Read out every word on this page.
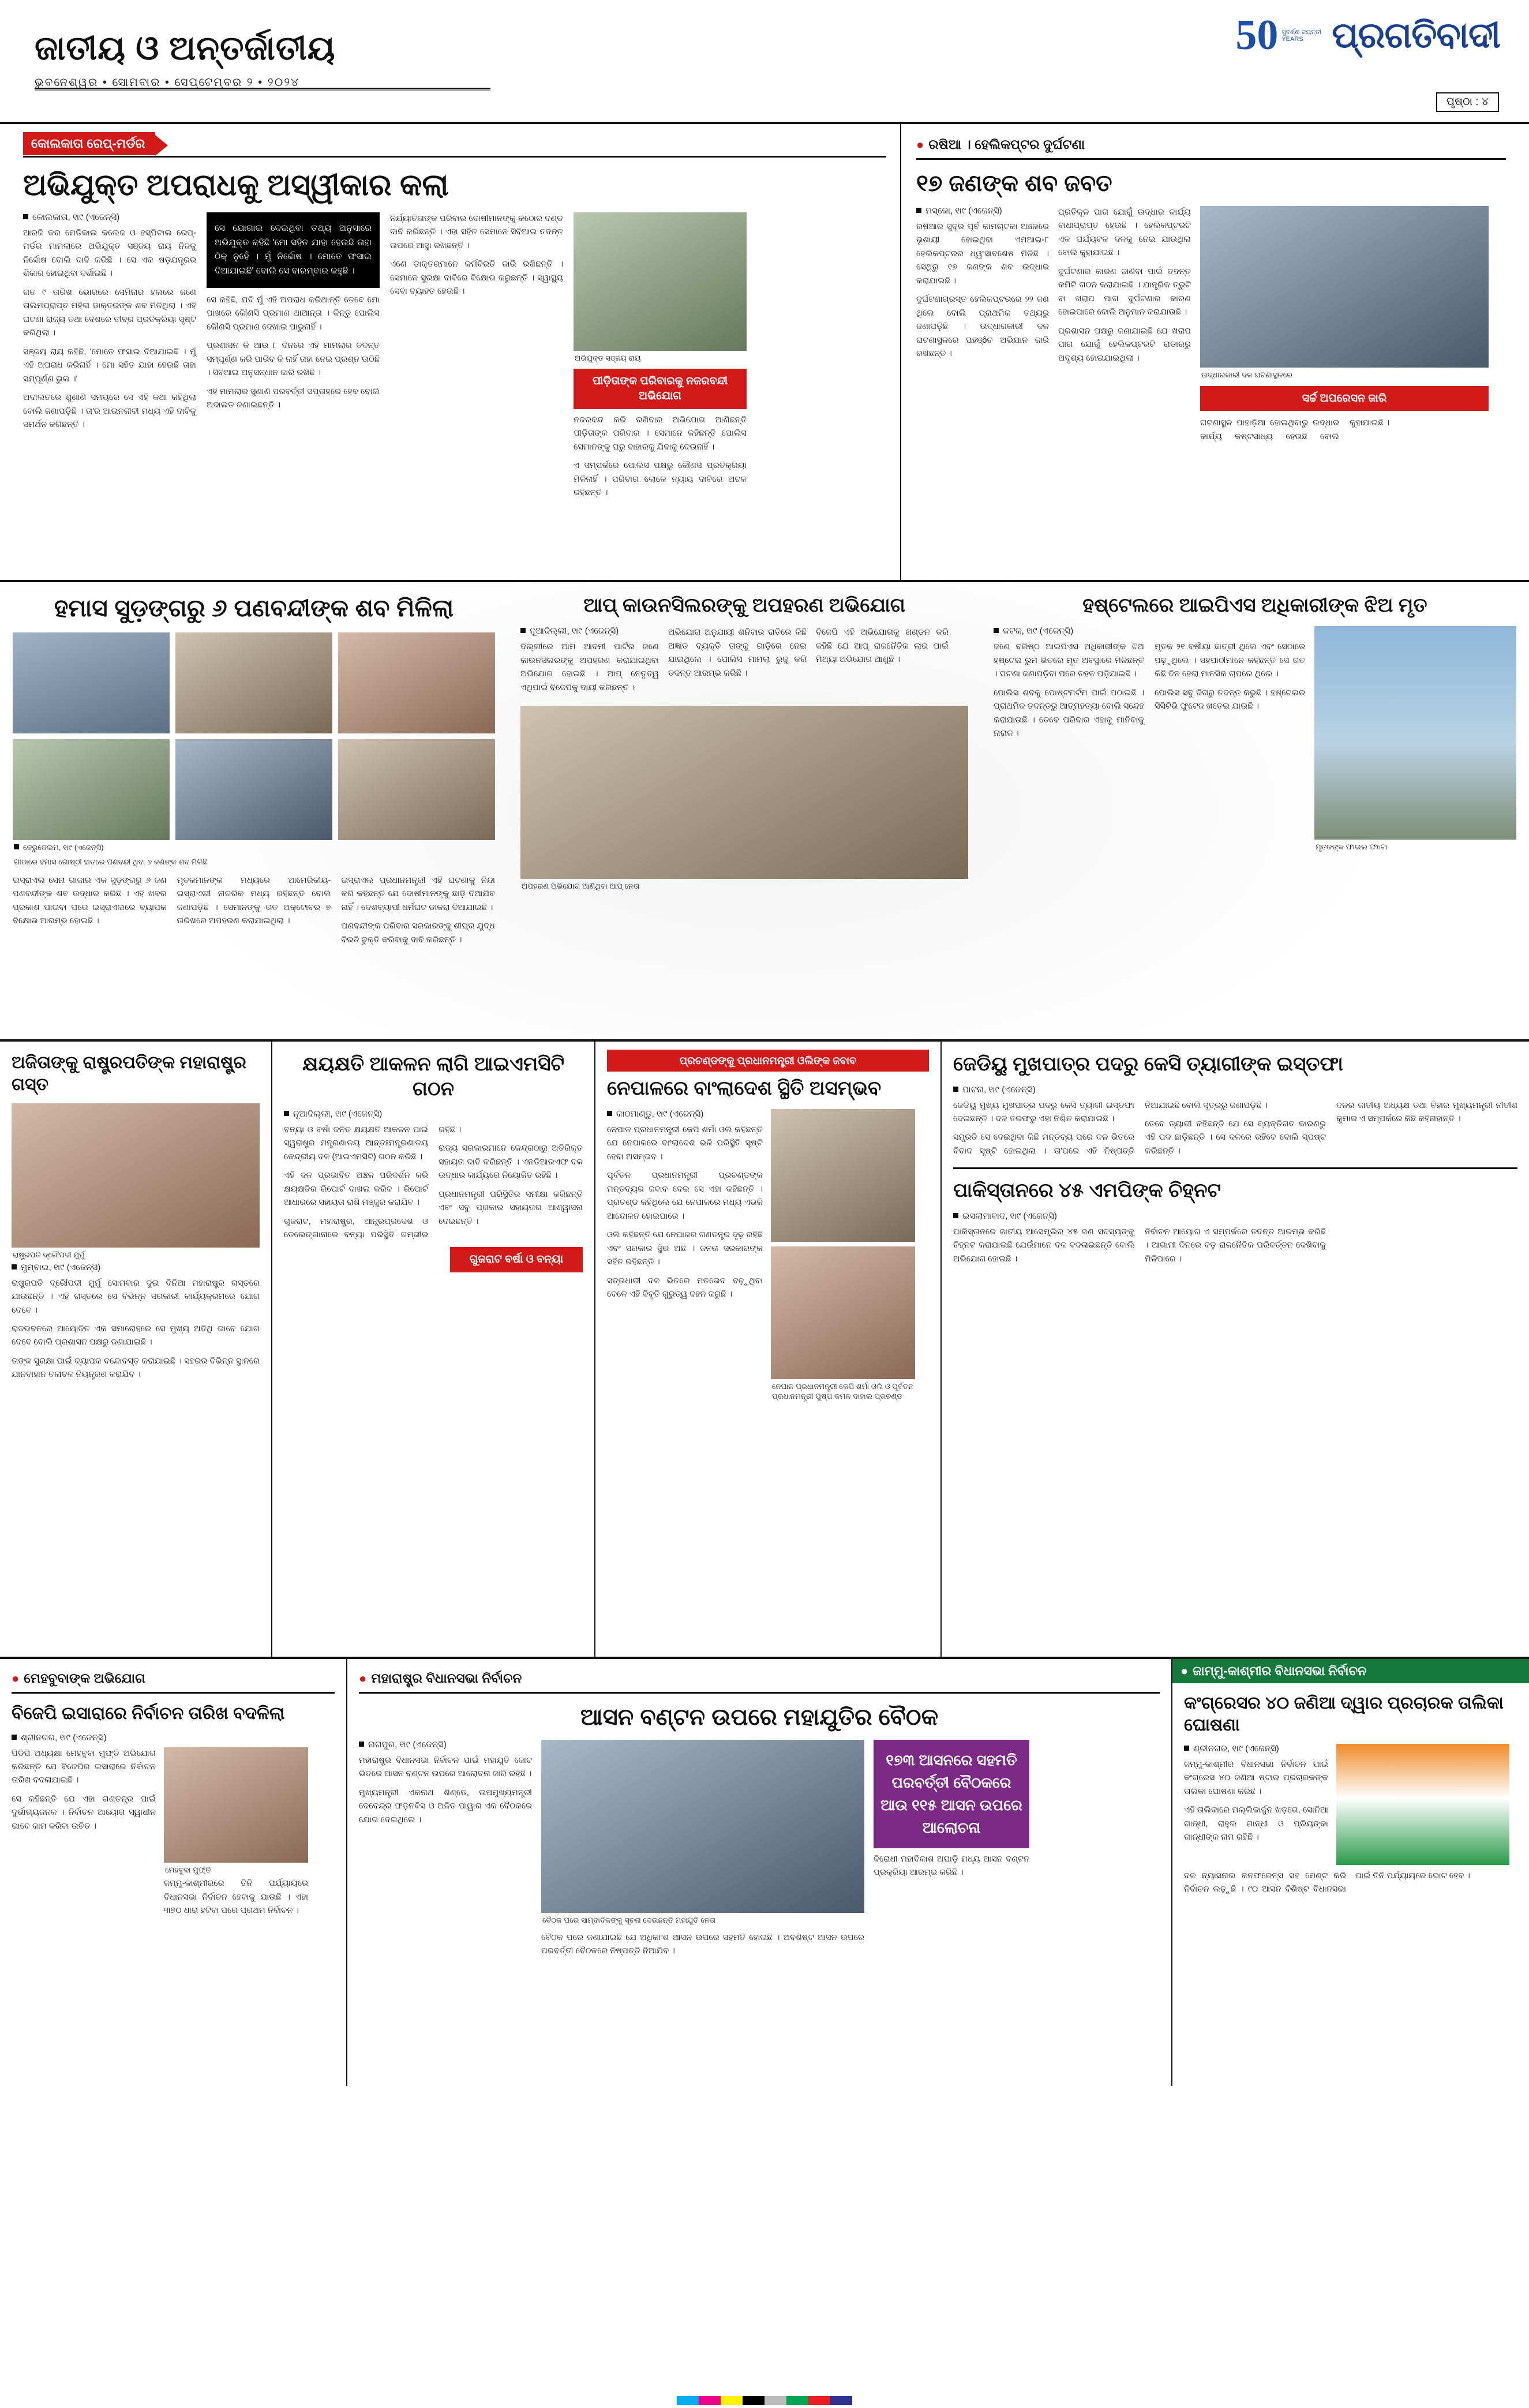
ଜାତୀୟ ଓ ଅନ୍ତର୍ଜାତୀୟ
ଭୁବନେଶ୍ୱର • ସୋମବାର • ସେପ୍ଟେମ୍ବର ୨ • ୨୦୨୪
50 ସୁବର୍ଣ୍ଣ ଜୟନ୍ତୀ
YEARS ପ୍ରଗତିବାଦୀ
ପୃଷ୍ଠା : ୪
କୋଲକାତା ରେପ୍‌-ମର୍ଡର
ଅଭିଯୁକ୍ତ ଅପରାଧକୁ ଅସ୍ୱୀକାର କଲା
କୋଲକାତା, ୧ା୯ (ଏଜେନ୍ସି)

ଆରଜି କର ମେଡିକାଲ କଲେଜ ଓ ହସ୍ପିଟାଲ ରେପ୍‌-ମର୍ଡର ମାମଲାରେ ଅଭିଯୁକ୍ତ ସଞ୍ଜୟ ରାୟ ନିଜକୁ ନିର୍ଦ୍ଦୋଷ ବୋଲି ଦାବି କରିଛି । ସେ ଏକ ଷଡ଼ଯନ୍ତ୍ରର ଶିକାର ହୋଇଥିବା ଦର୍ଶାଇଛି ।

ଗତ ୯ ତାରିଖ ଭୋରରେ ସେମିନାର ହଲରେ ଜଣେ ତାଲିମପ୍ରାପ୍ତ ମହିଳା ଡାକ୍ତରଙ୍କ ଶବ ମିଳିଥିଲା । ଏହି ଘଟଣା ରାଜ୍ୟ ତଥା ଦେଶରେ ତୀବ୍ର ପ୍ରତିକ୍ରିୟା ସୃଷ୍ଟି କରିଥିଲା ।

ସଞ୍ଜୟ ରାୟ କହିଛି, 'ମୋତେ ଫସାଇ ଦିଆଯାଇଛି । ମୁଁ ଏହି ଅପରାଧ କରିନାହିଁ । ମୋ ସହିତ ଯାହା ହେଉଛି ତାହା ସମ୍ପୂର୍ଣ୍ଣ ଭୁଲ ।'

ଅଦାଲତରେ ଶୁଣାଣି ସମୟରେ ସେ ଏହି କଥା କହିଥିଲା ବୋଲି ଜଣାପଡ଼ିଛି । ତା'ର ଆଇନଜୀବୀ ମଧ୍ୟ ଏହି ଦାବିକୁ ସମର୍ଥନ କରିଛନ୍ତି ।

ସେ ଯୋଗାଇ ଦେଇଥିବା ତଥ୍ୟ ଅନୁସାରେ ଅଭିଯୁକ୍ତ କହିଛି 'ମୋ ସହିତ ଯାହା ହେଉଛି ତାହା ଠିକ୍‌ ନୁହେଁ । ମୁଁ ନିର୍ଦ୍ଦୋଷ । ମୋତେ ଫସାଇ ଦିଆଯାଇଛି' ବୋଲି ସେ ବାରମ୍ବାର କହୁଛି ।

ସେ କହିଛି, ଯଦି ମୁଁ ଏହି ଅପରାଧ କରିଥାନ୍ତି ତେବେ ମୋ ପାଖରେ କୌଣସି ପ୍ରମାଣ ଥାଆନ୍ତା । କିନ୍ତୁ ପୋଲିସ କୌଣସି ପ୍ରମାଣ ଦେଖାଇ ପାରୁନାହିଁ ।

ପ୍ରଶାସନ କି ଆଉ ୮ ଦିନରେ ଏହି ମାମଲାର ତଦନ୍ତ ସମ୍ପୂର୍ଣ୍ଣ କରି ପାରିବ କି ନାହିଁ ତାହା ନେଇ ପ୍ରଶ୍ନ ଉଠିଛି । ସିବିଆଇ ଅନୁସନ୍ଧାନ ଜାରି ରଖିଛି ।

ଏହି ମାମଲାର ସୁଣାଣି ପରବର୍ତ୍ତୀ ସପ୍ତାହରେ ହେବ ବୋଲି ଅଦାଲତ ଜଣାଇଛନ୍ତି ।

ନିର୍ଯ୍ୟାତିତାଙ୍କ ପରିବାର ଦୋଷୀମାନଙ୍କୁ କଠୋର ଦଣ୍ଡ ଦାବି କରିଛନ୍ତି । ଏହା ସହିତ ସେମାନେ ସିବିଆଇ ତଦନ୍ତ ଉପରେ ଆସ୍ଥା ରଖିଛନ୍ତି ।

ଏଣେ ଡାକ୍ତରମାନେ କର୍ମବିରତି ଜାରି ରଖିଛନ୍ତି । ସେମାନେ ସୁରକ୍ଷା ଦାବିରେ ବିକ୍ଷୋଭ କରୁଛନ୍ତି । ସ୍ୱାସ୍ଥ୍ୟ ସେବା ବ୍ୟାହତ ହେଉଛି ।

ଅଭିଯୁକ୍ତ ସଞ୍ଜୟ ରାୟ
ପୀଡ଼ିତାଙ୍କ ପରିବାରକୁ ନଜରବନ୍ଦୀ ଅଭିଯୋଗ

ନଜରବନ୍ଦ କରି ରଖିବାର ଅଭିଯୋଗ ଆଣିଛନ୍ତି ପୀଡ଼ିତାଙ୍କ ପରିବାର । ସେମାନେ କହିଛନ୍ତି ପୋଲିସ ସେମାନଙ୍କୁ ଘରୁ ବାହାରକୁ ଯିବାକୁ ଦେଉନାହିଁ ।

ଏ ସମ୍ପର୍କରେ ପୋଲିସ ପକ୍ଷରୁ କୌଣସି ପ୍ରତିକ୍ରିୟା ମିଳିନାହିଁ । ପରିବାର ଲୋକେ ନ୍ୟାୟ ଦାବିରେ ଅଟଳ ରହିଛନ୍ତି ।

● ରଷିଆ । ହେଲିକପ୍ଟର ଦୁର୍ଘଟଣା
୧୭ ଜଣଙ୍କ ଶବ ଜବତ
ମସ୍କୋ, ୧ା୯ (ଏଜେନ୍ସି)

ରଷିଆର ସୁଦୂର ପୂର୍ବ କାମଚାଟକା ଅଞ୍ଚଳରେ ଭୂଶାୟୀ ହୋଇଥିବା ଏମଆଇ-୮ ହେଲିକପ୍ଟରର ଧ୍ୱଂସାବଶେଷ ମିଳିଛି । ସେଥିରୁ ୧୭ ଜଣଙ୍କ ଶବ ଉଦ୍ଧାର କରାଯାଇଛି ।

ଦୁର୍ଘଟଣାଗ୍ରସ୍ତ ହେଲିକପ୍ଟରରେ ୨୨ ଜଣ ଥିଲେ ବୋଲି ପ୍ରାଥମିକ ତଥ୍ୟରୁ ଜଣାପଡ଼ିଛି । ଉଦ୍ଧାରକାରୀ ଦଳ ଘଟଣାସ୍ଥଳରେ ପହଞ୍ôଚ ଅଭିଯାନ ଜାରି ରଖିଛନ୍ତି ।

ପ୍ରତିକୂଳ ପାଗ ଯୋଗୁଁ ଉଦ୍ଧାର କାର୍ଯ୍ୟ ବାଧାପ୍ରାପ୍ତ ହେଉଛି । ହେଲିକପ୍ଟରଟି ଏକ ପର୍ଯ୍ୟଟକ ଦଳକୁ ନେଇ ଯାଉଥିଲା ବୋଲି କୁହାଯାଇଛି ।

ଦୁର୍ଘଟଣାର କାରଣ ଜାଣିବା ପାଇଁ ତଦନ୍ତ କମିଟି ଗଠନ କରାଯାଇଛି । ଯାନ୍ତ୍ରିକ ତ୍ରୁଟି ବା ଖରାପ ପାଗ ଦୁର୍ଘଟଣାର କାରଣ ହୋଇପାରେ ବୋଲି ଅନୁମାନ କରାଯାଉଛି ।

ପ୍ରଶାସନ ପକ୍ଷରୁ ଜଣାଯାଇଛି ଯେ ଖରାପ ପାଗ ଯୋଗୁଁ ହେଲିକପ୍ଟରଟି ରାଡାରରୁ ଅଦୃଶ୍ୟ ହୋଇଯାଇଥିଲା ।

ଉଦ୍ଧାରକାରୀ ଦଳ ଘଟଣାସ୍ଥଳରେ
ସର୍ଚ୍ଚ ଅପରେସନ ଜାରି

ଘଟଣାସ୍ଥଳ ପାହାଡ଼ିଆ ହୋଇଥିବାରୁ ଉଦ୍ଧାର କାର୍ଯ୍ୟ କଷ୍ଟସାଧ୍ୟ ହେଉଛି ବୋଲି କୁହାଯାଇଛି ।

ହମାସ ସୁଡ଼ଙ୍ଗରୁ ୬ ପଣବନ୍ଦୀଙ୍କ ଶବ ମିଳିଲା
ଜେରୁଜେଲମ, ୧ା୯ (ଏଜେନ୍ସି)
ଗାଜାରେ ହମାସ ଗୋଷ୍ଠୀ ହାତରେ ପଣବନ୍ଦୀ ଥିବା ୬ ଜଣଙ୍କ ଶବ ମିଳିଛି

ଇସ୍ରାଏଲ ସେନା ଗାଜାର ଏକ ସୁଡ଼ଙ୍ଗରୁ ୬ ଜଣ ପଣବନ୍ଦୀଙ୍କ ଶବ ଉଦ୍ଧାର କରିଛି । ଏହି ଖବର ପ୍ରକାଶ ପାଇବା ପରେ ଇସ୍ରାଏଲରେ ବ୍ୟାପକ ବିକ୍ଷୋଭ ଆରମ୍ଭ ହୋଇଛି ।

ମୃତକମାନଙ୍କ ମଧ୍ୟରେ ଆମେରିକୀୟ-ଇସ୍ରାଏଲୀ ନାଗରିକ ମଧ୍ୟ ରହିଛନ୍ତି ବୋଲି ଜଣାପଡ଼ିଛି । ସେମାନଙ୍କୁ ଗତ ଅକ୍ଟୋବର ୭ ତାରିଖରେ ଅପହରଣ କରାଯାଇଥିଲା ।

ଇସ୍ରାଏଲ ପ୍ରଧାନମନ୍ତ୍ରୀ ଏହି ଘଟଣାକୁ ନିନ୍ଦା କରି କହିଛନ୍ତି ଯେ ଦୋଷୀମାନଙ୍କୁ ଛାଡ଼ି ଦିଆଯିବ ନାହିଁ । ଦେଶବ୍ୟାପୀ ଧର୍ମଘଟ ଡାକରା ଦିଆଯାଇଛି ।

ପଣବନ୍ଦୀଙ୍କ ପରିବାର ସରକାରଙ୍କୁ ଶୀଘ୍ର ଯୁଦ୍ଧ ବିରତି ଚୁକ୍ତି କରିବାକୁ ଦାବି କରିଛନ୍ତି ।

ଆପ୍‌ କାଉନସିଲରଙ୍କୁ ଅପହରଣ ଅଭିଯୋଗ
ନୂଆଦିଲ୍ଲୀ, ୧ା୯ (ଏଜେନ୍ସି)

ଦିଲ୍ଲୀରେ ଆମ ଆଦମୀ ପାର୍ଟିର ଜଣେ କାଉନସିଲରଙ୍କୁ ଅପହରଣ କରାଯାଇଥିବା ଅଭିଯୋଗ ହୋଇଛି । ଆପ୍‌ ନେତୃତ୍ୱ ଏଥିପାଇଁ ବିଜେପିକୁ ଦାୟୀ କରିଛନ୍ତି ।

ଅଭିଯୋଗ ଅନୁଯାୟୀ ଶନିବାର ରାତିରେ କିଛି ଅଜ୍ଞାତ ବ୍ୟକ୍ତି ତାଙ୍କୁ ଗାଡ଼ିରେ ନେଇ ଯାଇଥିଲେ । ପୋଲିସ ମାମଲା ରୁଜୁ କରି ତଦନ୍ତ ଆରମ୍ଭ କରିଛି ।

ବିଜେପି ଏହି ଅଭିଯୋଗକୁ ଖଣ୍ଡନ କରି କହିଛି ଯେ ଆପ୍‌ ରାଜନୈତିକ ଲାଭ ପାଇଁ ମିଥ୍ୟା ଅଭିଯୋଗ ଆଣୁଛି ।

ଅପହରଣ ଅଭିଯୋଗ ଆଣିଥିବା ଆପ୍‌ ନେତା
ହଷ୍ଟେଲରେ ଆଇପିଏସ ଅଧିକାରୀଙ୍କ ଝିଅ ମୃତ
କଟକ, ୧ା୯ (ଏଜେନ୍ସି)

ଜଣେ ବରିଷ୍ଠ ଆଇପିଏସ ଅଧିକାରୀଙ୍କ ଝିଅ ହଷ୍ଟେଲ ରୁମ ଭିତରେ ମୃତ ଅବସ୍ଥାରେ ମିଳିଛନ୍ତି । ଘଟଣା ଜଣାପଡ଼ିବା ପରେ ଚହଳ ପଡ଼ିଯାଇଛି ।

ପୋଲିସ ଶବକୁ ପୋଷ୍ଟମର୍ଟମ ପାଇଁ ପଠାଇଛି । ପ୍ରାଥମିକ ତଦନ୍ତରୁ ଆତ୍ମହତ୍ୟା ବୋଲି ସନ୍ଦେହ କରାଯାଉଛି । ତେବେ ପରିବାର ଏହାକୁ ମାନିବାକୁ ନାରାଜ ।

ମୃତକ ୨୧ ବର୍ଷୀୟା ଛାତ୍ରୀ ଥିଲେ ଏବଂ ସେଠାରେ ପଢ଼ୁଥିଲେ । ସହପାଠୀମାନେ କହିଛନ୍ତି ସେ ଗତ କିଛି ଦିନ ହେଲା ମାନସିକ ଚାପରେ ଥିଲେ ।

ପୋଲିସ ସବୁ ଦିଗରୁ ତଦନ୍ତ କରୁଛି । ହଷ୍ଟେଲର ସିସିଟିଭି ଫୁଟେଜ ଖତେଇ ଯାଉଛି ।

ମୃତକଙ୍କ ଫାଇଲ ଫଟୋ
ଅଜିତାଙ୍କୁ ରାଷ୍ଟ୍ରପତିଙ୍କ ମହାରାଷ୍ଟ୍ର ଗସ୍ତ
ରାଷ୍ଟ୍ରପତି ଦ୍ରୌପଦୀ ମୁର୍ମୁ
ମୁମ୍ବାଇ, ୧ା୯ (ଏଜେନ୍ସି)

ରାଷ୍ଟ୍ରପତି ଦ୍ରୌପଦୀ ମୁର୍ମୁ ସୋମବାର ଦୁଇ ଦିନିଆ ମହାରାଷ୍ଟ୍ର ଗସ୍ତରେ ଯାଉଛନ୍ତି । ଏହି ଗସ୍ତରେ ସେ ବିଭିନ୍ନ ସରକାରୀ କାର୍ଯ୍ୟକ୍ରମରେ ଯୋଗ ଦେବେ ।

ରାଜଭବନରେ ଆୟୋଜିତ ଏକ ସମାରୋହରେ ସେ ମୁଖ୍ୟ ଅତିଥି ଭାବେ ଯୋଗ ଦେବେ ବୋଲି ପ୍ରଶାସନ ପକ୍ଷରୁ ଜଣାଯାଇଛି ।

ତାଙ୍କ ସୁରକ୍ଷା ପାଇଁ ବ୍ୟାପକ ବନ୍ଦୋବସ୍ତ କରାଯାଇଛି । ସହରର ବିଭିନ୍ନ ସ୍ଥାନରେ ଯାନବାହାନ ଚଳାଚଳ ନିୟନ୍ତ୍ରଣ କରାଯିବ ।

କ୍ଷୟକ୍ଷତି ଆକଳନ ଲାଗି ଆଇଏମସିଟି ଗଠନ
ନୂଆଦିଲ୍ଲୀ, ୧ା୯ (ଏଜେନ୍ସି)

ବନ୍ୟା ଓ ବର୍ଷା ଜନିତ କ୍ଷୟକ୍ଷତି ଆକଳନ ପାଇଁ ସ୍ୱରାଷ୍ଟ୍ର ମନ୍ତ୍ରଣାଳୟ ଆନ୍ତଃମନ୍ତ୍ରଣାଳୟ କେନ୍ଦ୍ରୀୟ ଦଳ (ଆଇଏମସିଟି) ଗଠନ କରିଛି ।

ଏହି ଦଳ ପ୍ରଭାବିତ ଅଞ୍ଚଳ ପରିଦର୍ଶନ କରି କ୍ଷୟକ୍ଷତିର ରିପୋର୍ଟ ଦାଖଲ କରିବ । ରିପୋର୍ଟ ଆଧାରରେ ସହାୟତା ରାଶି ମଞ୍ଜୁର କରାଯିବ ।

ଗୁଜରାଟ, ମହାରାଷ୍ଟ୍ର, ଆନ୍ଧ୍ରପ୍ରଦେଶ ଓ ତେଲେଙ୍ଗାନାରେ ବନ୍ୟା ପରିସ୍ଥିତି ଗମ୍ଭୀର ରହିଛି ।

ରାଜ୍ୟ ସରକାରମାନେ କେନ୍ଦ୍ରଠାରୁ ଅତିରିକ୍ତ ସହାୟତା ଦାବି କରିଛନ୍ତି । ଏନଡିଆରଏଫ ଦଳ ଉଦ୍ଧାର କାର୍ଯ୍ୟରେ ନିୟୋଜିତ ରହିଛି ।

ପ୍ରଧାନମନ୍ତ୍ରୀ ପରିସ୍ଥିତିର ସମୀକ୍ଷା କରିଛନ୍ତି ଏବଂ ସବୁ ପ୍ରକାର ସହାୟତାର ଆଶ୍ୱାସନା ଦେଇଛନ୍ତି ।

ଗୁଜରାଟ ବର୍ଷା ଓ ବନ୍ୟା
ପ୍ରଚଣ୍ଡଙ୍କୁ ପ୍ରଧାନମନ୍ତ୍ରୀ ଓଲିଙ୍କ ଜବାବ
ନେପାଳରେ ବାଂଲାଦେଶ ସ୍ଥିତି ଅସମ୍ଭବ
କାଠମାଣ୍ଡୁ, ୧ା୯ (ଏଜେନ୍ସି)

ନେପାଳ ପ୍ରଧାନମନ୍ତ୍ରୀ କେପି ଶର୍ମା ଓଲି କହିଛନ୍ତି ଯେ ନେପାଳରେ ବାଂଲାଦେଶ ଭଳି ପରିସ୍ଥିତି ସୃଷ୍ଟି ହେବା ଅସମ୍ଭବ ।

ପୂର୍ବତନ ପ୍ରଧାନମନ୍ତ୍ରୀ ପ୍ରଚଣ୍ଡଙ୍କ ମନ୍ତବ୍ୟର ଜବାବ ଦେଇ ସେ ଏହା କହିଛନ୍ତି । ପ୍ରଚଣ୍ଡ କହିଥିଲେ ଯେ ନେପାଳରେ ମଧ୍ୟ ଏଭଳି ଆନ୍ଦୋଳନ ହୋଇପାରେ ।

ଓଲି କହିଛନ୍ତି ଯେ ନେପାଳର ଗଣତନ୍ତ୍ର ଦୃଢ଼ ରହିଛି ଏବଂ ସରକାର ସ୍ଥିର ଅଛି । ଜନତା ସରକାରଙ୍କ ସହିତ ରହିଛନ୍ତି ।

ସତ୍ତାଧାରୀ ଦଳ ଭିତରେ ମତଭେଦ ବଢ଼ୁଥିବା ବେଳେ ଏହି ବିବୃତି ଗୁରୁତ୍ୱ ବହନ କରୁଛି ।

ନେପାଳ ପ୍ରଧାନମନ୍ତ୍ରୀ କେପି ଶର୍ମା ଓଲି ଓ ପୂର୍ବତନ ପ୍ରଧାନମନ୍ତ୍ରୀ ପୁଷ୍ପ କମଳ ଦାହାଲ ପ୍ରଚଣ୍ଡ
ଜେଡିୟୁ ମୁଖପାତ୍ର ପଦରୁ କେସି ତ୍ୟାଗୀଙ୍କ ଇସ୍ତଫା
ପାଟନା, ୧ା୯ (ଏଜେନ୍ସି)

ଜେଡିୟୁ ମୁଖ୍ୟ ମୁଖପାତ୍ର ପଦରୁ କେସି ତ୍ୟାଗୀ ଇସ୍ତଫା ଦେଇଛନ୍ତି । ଦଳ ତରଫରୁ ଏହା ନିଶ୍ଚିତ କରାଯାଇଛି ।

ସମ୍ପ୍ରତି ସେ ଦେଇଥିବା କିଛି ମନ୍ତବ୍ୟ ପରେ ଦଳ ଭିତରେ ବିବାଦ ସୃଷ୍ଟି ହୋଇଥିଲା । ତା'ପରେ ଏହି ନିଷ୍ପତ୍ତି ନିଆଯାଇଛି ବୋଲି ସୂତ୍ରରୁ ଜଣାପଡ଼ିଛି ।

ତେବେ ତ୍ୟାଗୀ କହିଛନ୍ତି ଯେ ସେ ବ୍ୟକ୍ତିଗତ କାରଣରୁ ଏହି ପଦ ଛାଡ଼ିଛନ୍ତି । ସେ ଦଳରେ ରହିବେ ବୋଲି ସ୍ପଷ୍ଟ କରିଛନ୍ତି ।

ଦଳର ଜାତୀୟ ଅଧ୍ୟକ୍ଷ ତଥା ବିହାର ମୁଖ୍ୟମନ୍ତ୍ରୀ ନୀତୀଶ କୁମାର ଏ ସମ୍ପର୍କରେ କିଛି କହିନାହାନ୍ତି ।

ପାକିସ୍ତାନରେ ୪୫ ଏମପିଙ୍କ ଚିହ୍ନଟ
ଇସଲାମାବାଦ, ୧ା୯ (ଏଜେନ୍ସି)

ପାକିସ୍ତାନରେ ଜାତୀୟ ଆସେମ୍ବ୍ଲିର ୪୫ ଜଣ ସଦସ୍ୟଙ୍କୁ ଚିହ୍ନଟ କରାଯାଇଛି ଯେଉଁମାନେ ଦଳ ବଦଳାଇଛନ୍ତି ବୋଲି ଅଭିଯୋଗ ହୋଇଛି ।

ନିର୍ବାଚନ ଆୟୋଗ ଏ ସମ୍ପର୍କରେ ତଦନ୍ତ ଆରମ୍ଭ କରିଛି । ଆଗାମୀ ଦିନରେ ବଡ଼ ରାଜନୈତିକ ପରିବର୍ତ୍ତନ ଦେଖିବାକୁ ମିଳିପାରେ ।

● ମେହବୁବାଙ୍କ ଅଭିଯୋଗ
ବିଜେପି ଇସାରାରେ ନିର୍ବାଚନ ତାରିଖ ବଦଳିଲା
ଶ୍ରୀନଗର, ୧ା୯ (ଏଜେନ୍ସି)

ପିଡିପି ଅଧ୍ୟକ୍ଷା ମେହବୁବା ମୁଫ୍ତି ଅଭିଯୋଗ କରିଛନ୍ତି ଯେ ବିଜେପିର ଇସାରାରେ ନିର୍ବାଚନ ତାରିଖ ବଦଳାଯାଇଛି ।

ସେ କହିଛନ୍ତି ଯେ ଏହା ଗଣତନ୍ତ୍ର ପାଇଁ ଦୁର୍ଭାଗ୍ୟଜନକ । ନିର୍ବାଚନ ଆୟୋଗ ସ୍ୱାଧୀନ ଭାବେ କାମ କରିବା ଉଚିତ ।

ମେହବୁବା ମୁଫ୍ତି

ଜମ୍ମୁ-କାଶ୍ମୀରରେ ତିନି ପର୍ଯ୍ୟାୟରେ ବିଧାନସଭା ନିର୍ବାଚନ ହେବାକୁ ଯାଉଛି । ଏହା ୩୭୦ ଧାରା ହଟିବା ପରେ ପ୍ରଥମ ନିର୍ବାଚନ ।

● ମହାରାଷ୍ଟ୍ର ବିଧାନସଭା ନିର୍ବାଚନ
ଆସନ ବଣ୍ଟନ ଉପରେ ମହାଯୁତିର ବୈଠକ
ନାଗପୁର, ୧ା୯ (ଏଜେନ୍ସି)

ମହାରାଷ୍ଟ୍ର ବିଧାନସଭା ନିର୍ବାଚନ ପାଇଁ ମହାଯୁତି ଜୋଟ ଭିତରେ ଆସନ ବଣ୍ଟନ ଉପରେ ଆଲୋଚନା ଜାରି ରହିଛି ।

ମୁଖ୍ୟମନ୍ତ୍ରୀ ଏକନାଥ ଶିଣ୍ଡେ, ଉପମୁଖ୍ୟମନ୍ତ୍ରୀ ଦେବେନ୍ଦ୍ର ଫଡ଼ନବିସ ଓ ଅଜିତ ପାୱାର ଏକ ବୈଠକରେ ଯୋଗ ଦେଇଥିଲେ ।

ବୈଠକ ପରେ ସାମ୍ବାଦିକଙ୍କୁ ସୂଚନା ଦେଉଛନ୍ତି ମହାଯୁତି ନେତା

ବୈଠକ ପରେ ଜଣାଯାଇଛି ଯେ ଅଧିକାଂଶ ଆସନ ଉପରେ ସହମତି ହୋଇଛି । ଅବଶିଷ୍ଟ ଆସନ ଉପରେ ପରବର୍ତ୍ତୀ ବୈଠକରେ ନିଷ୍ପତ୍ତି ନିଆଯିବ ।

୧୭୩ ଆସନରେ ସହମତି ପରବର୍ତ୍ତୀ ବୈଠକରେ ଆଉ ୧୧୫ ଆସନ ଉପରେ ଆଲୋଚନା

ବିରୋଧୀ ମହାବିକାଶ ଅଘାଡ଼ି ମଧ୍ୟ ଆସନ ବଣ୍ଟନ ପ୍ରକ୍ରିୟା ଆରମ୍ଭ କରିଛି ।

● ଜାମ୍ମୁ-କାଶ୍ମୀର ବିଧାନସଭା ନିର୍ବାଚନ
କଂଗ୍ରେସର ୪୦ ଜଣିଆ ଦ୍ୱାର ପ୍ରଚାରକ ତାଲିକା ଘୋଷଣା
ଶ୍ରୀନଗର, ୧ା୯ (ଏଜେନ୍ସି)

ଜମ୍ମୁ-କାଶ୍ମୀର ବିଧାନସଭା ନିର୍ବାଚନ ପାଇଁ କଂଗ୍ରେସ ୪୦ ଜଣିଆ ଷ୍ଟାର ପ୍ରଚାରକଙ୍କ ତାଲିକା ଘୋଷଣା କରିଛି ।

ଏହି ତାଲିକାରେ ମଲ୍ଲିକାର୍ଜୁନ ଖଡ଼ଗେ, ସୋନିଆ ଗାନ୍ଧୀ, ରାହୁଲ ଗାନ୍ଧୀ ଓ ପ୍ରିୟଙ୍କା ଗାନ୍ଧୀଙ୍କ ନାମ ରହିଛି ।

ଦଳ ନ୍ୟାସନାଲ କନଫରେନ୍ସ ସହ ମେଣ୍ଟ କରି ନିର୍ବାଚନ ଲଢ଼ୁଛି । ୯୦ ଆସନ ବିଶିଷ୍ଟ ବିଧାନସଭା ପାଇଁ ତିନି ପର୍ଯ୍ୟାୟରେ ଭୋଟ ହେବ ।
